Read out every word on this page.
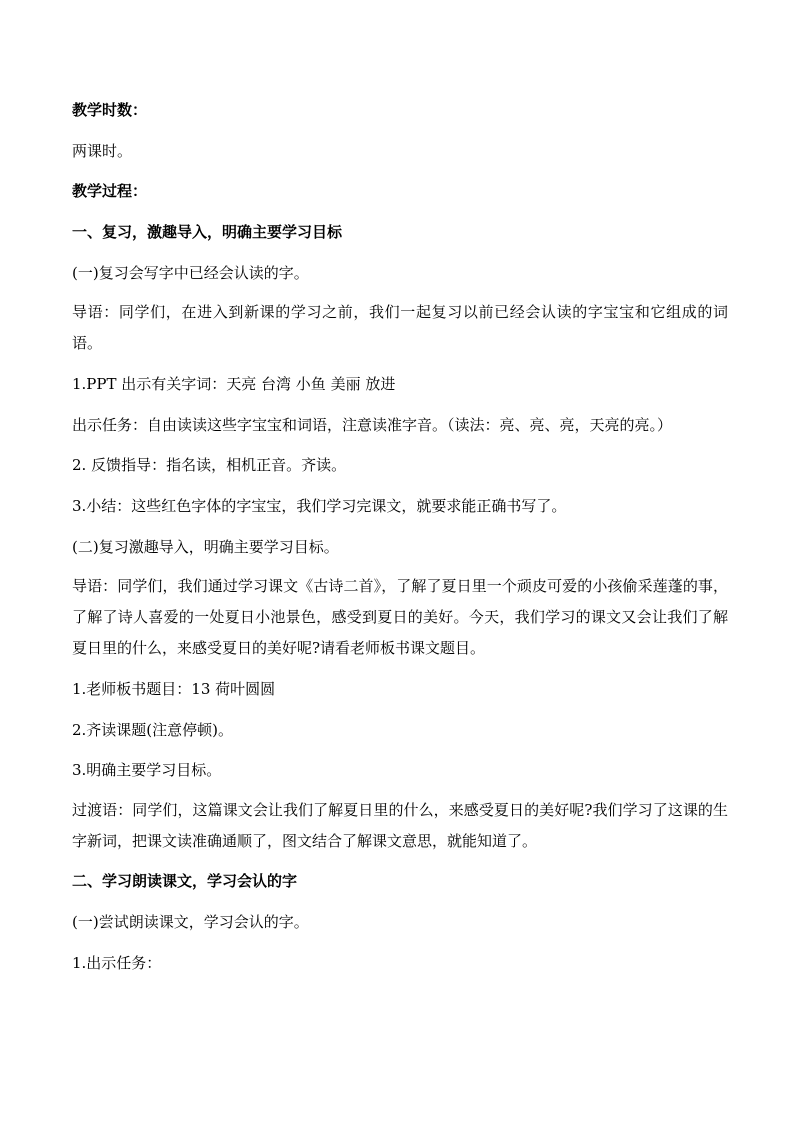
教学时数：
两课时。
教学过程：
一、复习，激趣导入，明确主要学习目标
(一)复习会写字中已经会认读的字。
导语：同学们，在进入到新课的学习之前，我们一起复习以前已经会认读的字宝宝和它组成的词语。
1.PPT 出示有关字词：天亮 台湾 小鱼 美丽 放进
出示任务：自由读读这些字宝宝和词语，注意读准字音。（读法：亮、亮、亮，天亮的亮。）
2. 反馈指导：指名读，相机正音。齐读。
3.小结：这些红色字体的字宝宝，我们学习完课文，就要求能正确书写了。
(二)复习激趣导入，明确主要学习目标。
导语：同学们，我们通过学习课文《古诗二首》，了解了夏日里一个顽皮可爱的小孩偷采莲蓬的事，了解了诗人喜爱的一处夏日小池景色，感受到夏日的美好。今天，我们学习的课文又会让我们了解夏日里的什么，来感受夏日的美好呢?请看老师板书课文题目。
1.老师板书题目：13 荷叶圆圆
2.齐读课题(注意停顿)。
3.明确主要学习目标。
过渡语：同学们，这篇课文会让我们了解夏日里的什么，来感受夏日的美好呢?我们学习了这课的生字新词，把课文读准确通顺了，图文结合了解课文意思，就能知道了。
二、学习朗读课文，学习会认的字
(一)尝试朗读课文，学习会认的字。
1.出示任务：
